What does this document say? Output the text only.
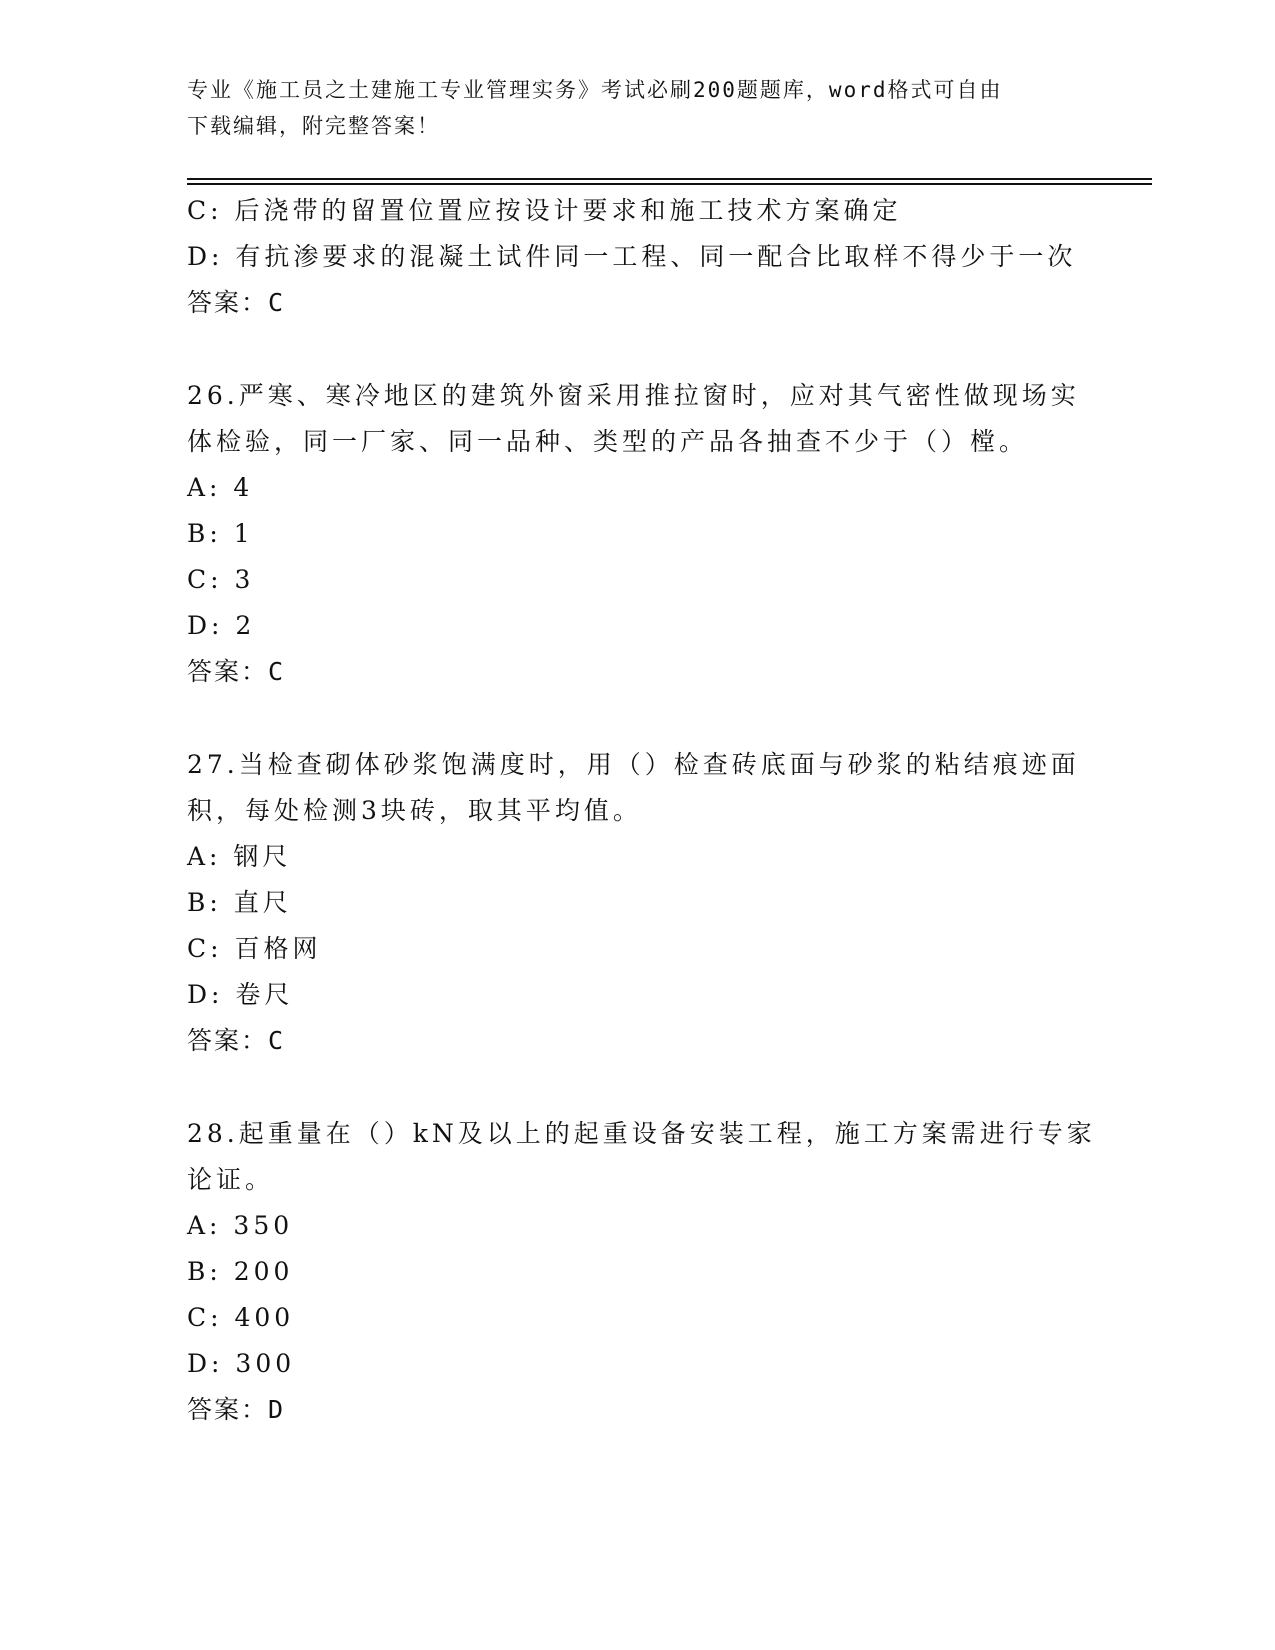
专业《施工员之土建施工专业管理实务》考试必刷200题题库，word格式可自由
下载编辑，附完整答案！
C: 后浇带的留置位置应按设计要求和施工技术方案确定
D: 有抗渗要求的混凝土试件同一工程、同一配合比取样不得少于一次
答案：C
26.严寒、寒冷地区的建筑外窗采用推拉窗时，应对其气密性做现场实
体检验，同一厂家、同一品种、类型的产品各抽查不少于（）樘。
A: 4
B: 1
C: 3
D: 2
答案：C
27.当检查砌体砂浆饱满度时，用（）检查砖底面与砂浆的粘结痕迹面
积，每处检测3块砖，取其平均值。
A: 钢尺
B: 直尺
C: 百格网
D: 卷尺
答案：C
28.起重量在（）kN及以上的起重设备安装工程，施工方案需进行专家
论证。
A: 350
B: 200
C: 400
D: 300
答案：D
